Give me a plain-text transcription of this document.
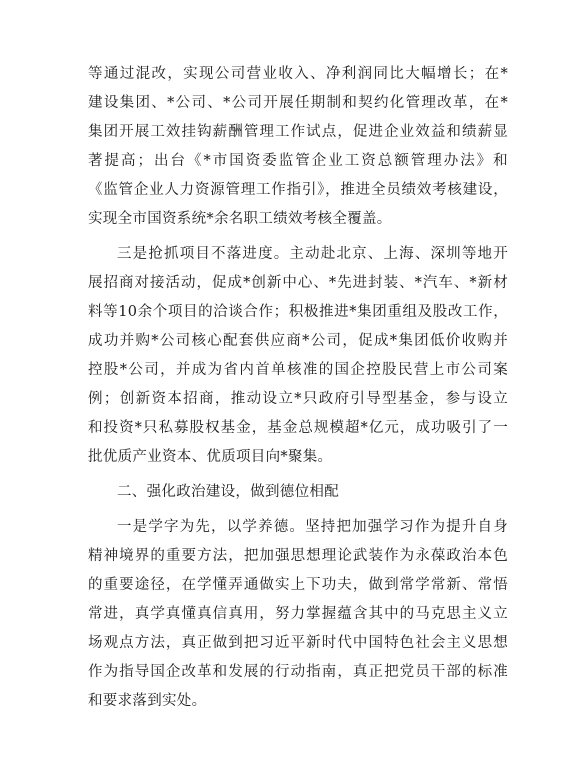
等通过混改，实现公司营业收入、净利润同比大幅增长；在*
建设集团、*公司、*公司开展任期制和契约化管理改革，在*
集团开展工效挂钩薪酬管理工作试点，促进企业效益和绩薪显
著提高；出台《*市国资委监管企业工资总额管理办法》和
《监管企业人力资源管理工作指引》，推进全员绩效考核建设，
实现全市国资系统*余名职工绩效考核全覆盖。
三是抢抓项目不落进度。主动赴北京、上海、深圳等地开
展招商对接活动，促成*创新中心、*先进封装、*汽车、*新材
料等10余个项目的洽谈合作；积极推进*集团重组及股改工作，
成功并购*公司核心配套供应商*公司，促成*集团低价收购并
控股*公司，并成为省内首单核准的国企控股民营上市公司案
例；创新资本招商，推动设立*只政府引导型基金，参与设立
和投资*只私募股权基金，基金总规模超*亿元，成功吸引了一
批优质产业资本、优质项目向*聚集。
二、强化政治建设，做到德位相配
一是学字为先，以学养德。坚持把加强学习作为提升自身
精神境界的重要方法，把加强思想理论武装作为永葆政治本色
的重要途径，在学懂弄通做实上下功夫，做到常学常新、常悟
常进，真学真懂真信真用，努力掌握蕴含其中的马克思主义立
场观点方法，真正做到把习近平新时代中国特色社会主义思想
作为指导国企改革和发展的行动指南，真正把党员干部的标准
和要求落到实处。
